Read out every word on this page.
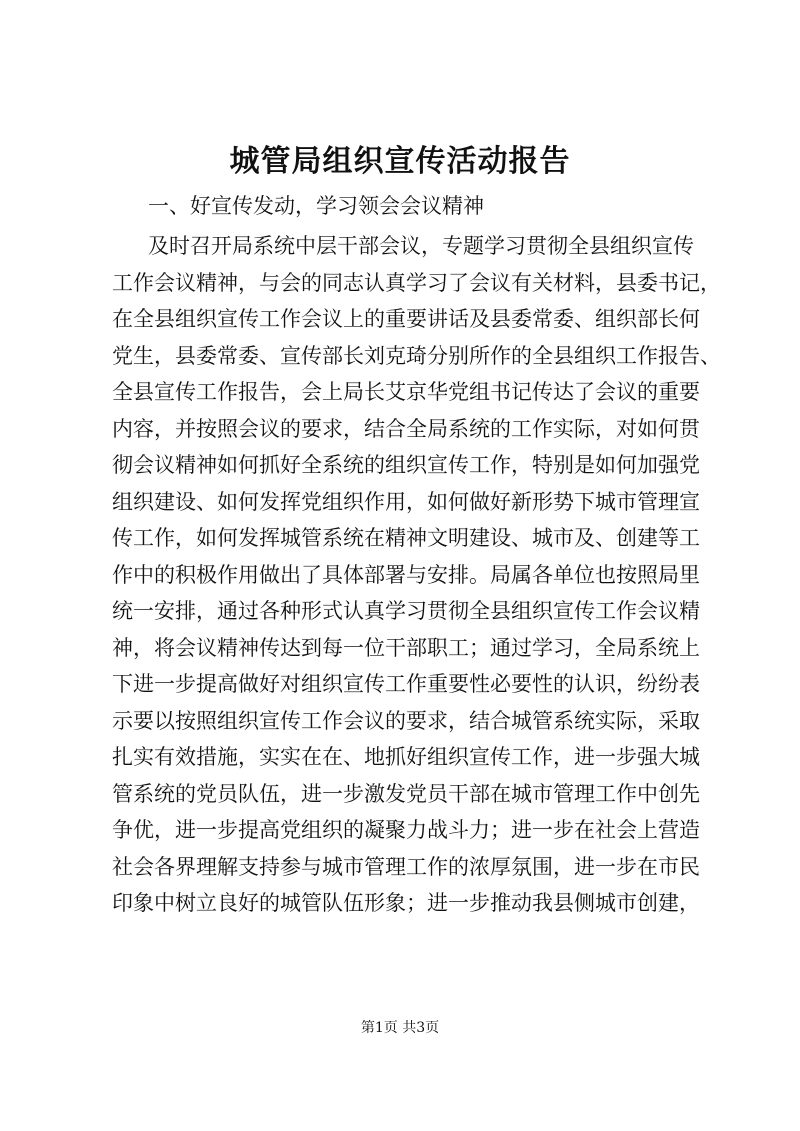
城管局组织宣传活动报告

一、好宣传发动，学习领会会议精神

及时召开局系统中层干部会议，专题学习贯彻全县组织宣传
工作会议精神，与会的同志认真学习了会议有关材料，县委书记，
在全县组织宣传工作会议上的重要讲话及县委常委、组织部长何
党生，县委常委、宣传部长刘克琦分别所作的全县组织工作报告、
全县宣传工作报告，会上局长艾京华党组书记传达了会议的重要
内容，并按照会议的要求，结合全局系统的工作实际，对如何贯
彻会议精神如何抓好全系统的组织宣传工作，特别是如何加强党
组织建设、如何发挥党组织作用，如何做好新形势下城市管理宣
传工作，如何发挥城管系统在精神文明建设、城市及、创建等工
作中的积极作用做出了具体部署与安排。局属各单位也按照局里
统一安排，通过各种形式认真学习贯彻全县组织宣传工作会议精
神，将会议精神传达到每一位干部职工；通过学习，全局系统上
下进一步提高做好对组织宣传工作重要性必要性的认识，纷纷表
示要以按照组织宣传工作会议的要求，结合城管系统实际，采取
扎实有效措施，实实在在、地抓好组织宣传工作，进一步强大城
管系统的党员队伍，进一步激发党员干部在城市管理工作中创先
争优，进一步提高党组织的凝聚力战斗力；进一步在社会上营造
社会各界理解支持参与城市管理工作的浓厚氛围，进一步在市民
印象中树立良好的城管队伍形象；进一步推动我县侧城市创建，

第1页 共3页
